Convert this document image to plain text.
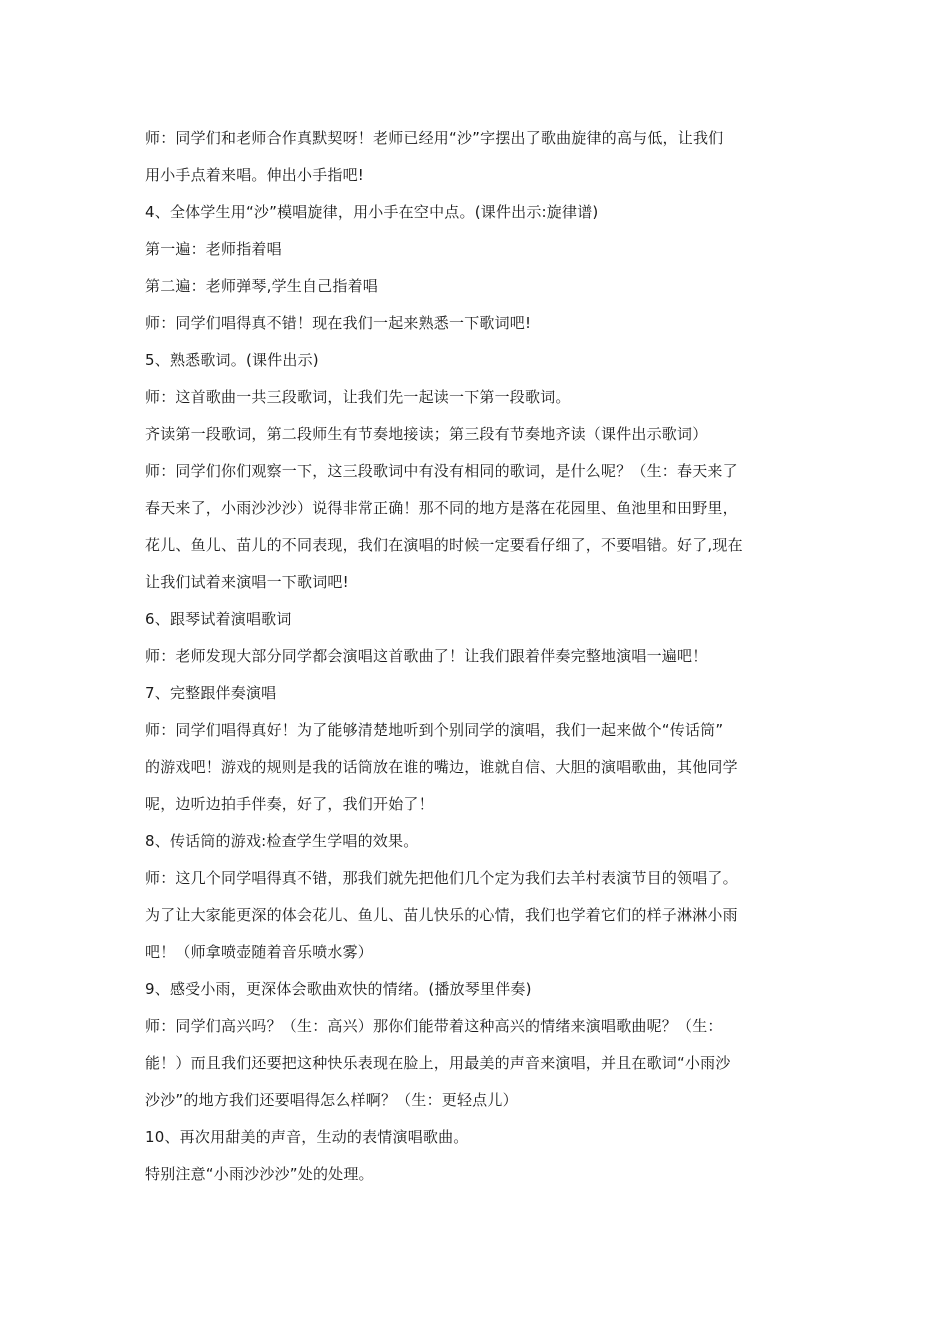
师：同学们和老师合作真默契呀！老师已经用“沙”字摆出了歌曲旋律的高与低，让我们
用小手点着来唱。伸出小手指吧!
4、全体学生用“沙”模唱旋律，用小手在空中点。(课件出示:旋律谱)
第一遍：老师指着唱
第二遍：老师弹琴,学生自己指着唱
师：同学们唱得真不错！现在我们一起来熟悉一下歌词吧!
5、熟悉歌词。(课件出示)
师：这首歌曲一共三段歌词，让我们先一起读一下第一段歌词。
齐读第一段歌词，第二段师生有节奏地接读；第三段有节奏地齐读（课件出示歌词）
师：同学们你们观察一下，这三段歌词中有没有相同的歌词，是什么呢？（生：春天来了
春天来了，小雨沙沙沙）说得非常正确！那不同的地方是落在花园里、鱼池里和田野里，
花儿、鱼儿、苗儿的不同表现，我们在演唱的时候一定要看仔细了，不要唱错。好了,现在
让我们试着来演唱一下歌词吧!
6、跟琴试着演唱歌词
师：老师发现大部分同学都会演唱这首歌曲了！让我们跟着伴奏完整地演唱一遍吧！
7、完整跟伴奏演唱
师：同学们唱得真好！为了能够清楚地听到个别同学的演唱，我们一起来做个“传话筒”
的游戏吧！游戏的规则是我的话筒放在谁的嘴边，谁就自信、大胆的演唱歌曲，其他同学
呢，边听边拍手伴奏，好了，我们开始了！
8、传话筒的游戏:检查学生学唱的效果。
师：这几个同学唱得真不错，那我们就先把他们几个定为我们去羊村表演节目的领唱了。
为了让大家能更深的体会花儿、鱼儿、苗儿快乐的心情，我们也学着它们的样子淋淋小雨
吧！（师拿喷壶随着音乐喷水雾）
9、感受小雨，更深体会歌曲欢快的情绪。(播放琴里伴奏)
师：同学们高兴吗？（生：高兴）那你们能带着这种高兴的情绪来演唱歌曲呢？（生：
能！）而且我们还要把这种快乐表现在脸上，用最美的声音来演唱，并且在歌词“小雨沙
沙沙”的地方我们还要唱得怎么样啊？（生：更轻点儿）
10、再次用甜美的声音，生动的表情演唱歌曲。
特别注意“小雨沙沙沙”处的处理。
